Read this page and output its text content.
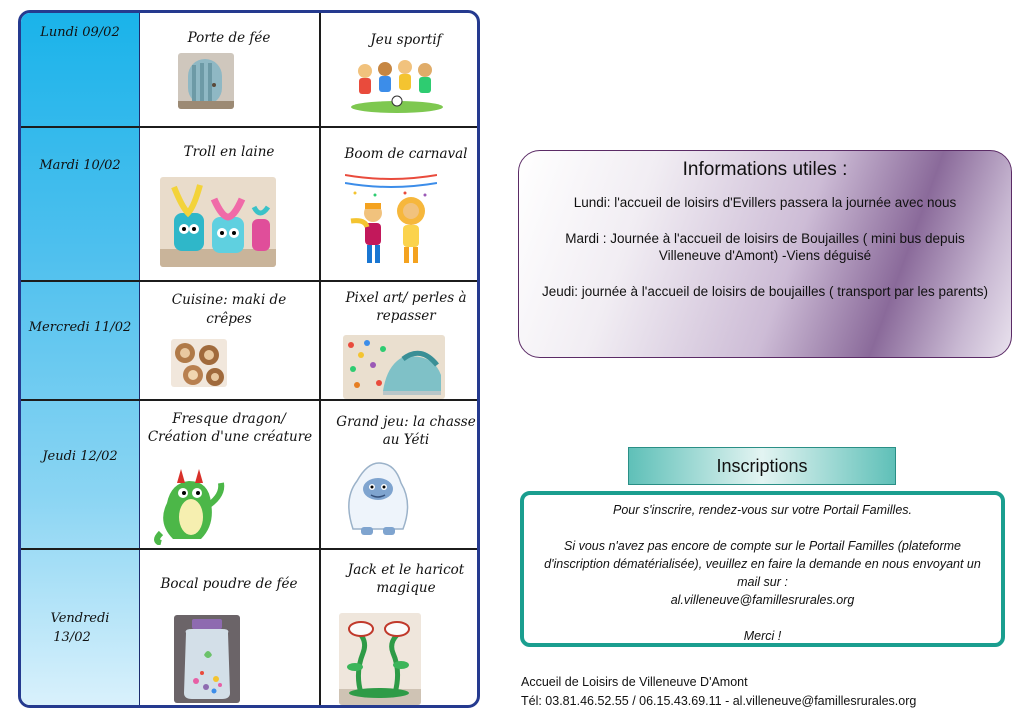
Lundi 09/02
Mardi 10/02
Mercredi 11/02
Jeudi 12/02
Vendredi
13/02
Porte de fée	Jeu sportif
Troll en laine	Boom de carnaval
Cuisine: maki de
crêpes
Pixel art/ perles à
repasser
Fresque dragon/
Création d'une créature
Grand jeu: la chasse
au Yéti
Bocal poudre de fée
Jack et le haricot
magique
Informations utiles :

Lundi: l'accueil de loisirs d'Evillers passera la journée avec nous

Mardi : Journée à l'accueil de loisirs de Boujailles ( mini bus depuis

Villeneuve d'Amont) -Viens déguisé

Jeudi: journée à l'accueil de loisirs de boujailles ( transport par les parents)

Inscriptions
Pour s'inscrire, rendez-vous sur votre Portail Familles.
Si vous n'avez pas encore de compte sur le Portail Familles (plateforme
d'inscription dématérialisée), veuillez en faire la demande en nous envoyant un
mail sur :
al.villeneuve@famillesrurales.org
Merci !
Accueil de Loisirs de Villeneuve D'Amont
Tél: 03.81.46.52.55 / 06.15.43.69.11 - al.villeneuve@famillesrurales.org
